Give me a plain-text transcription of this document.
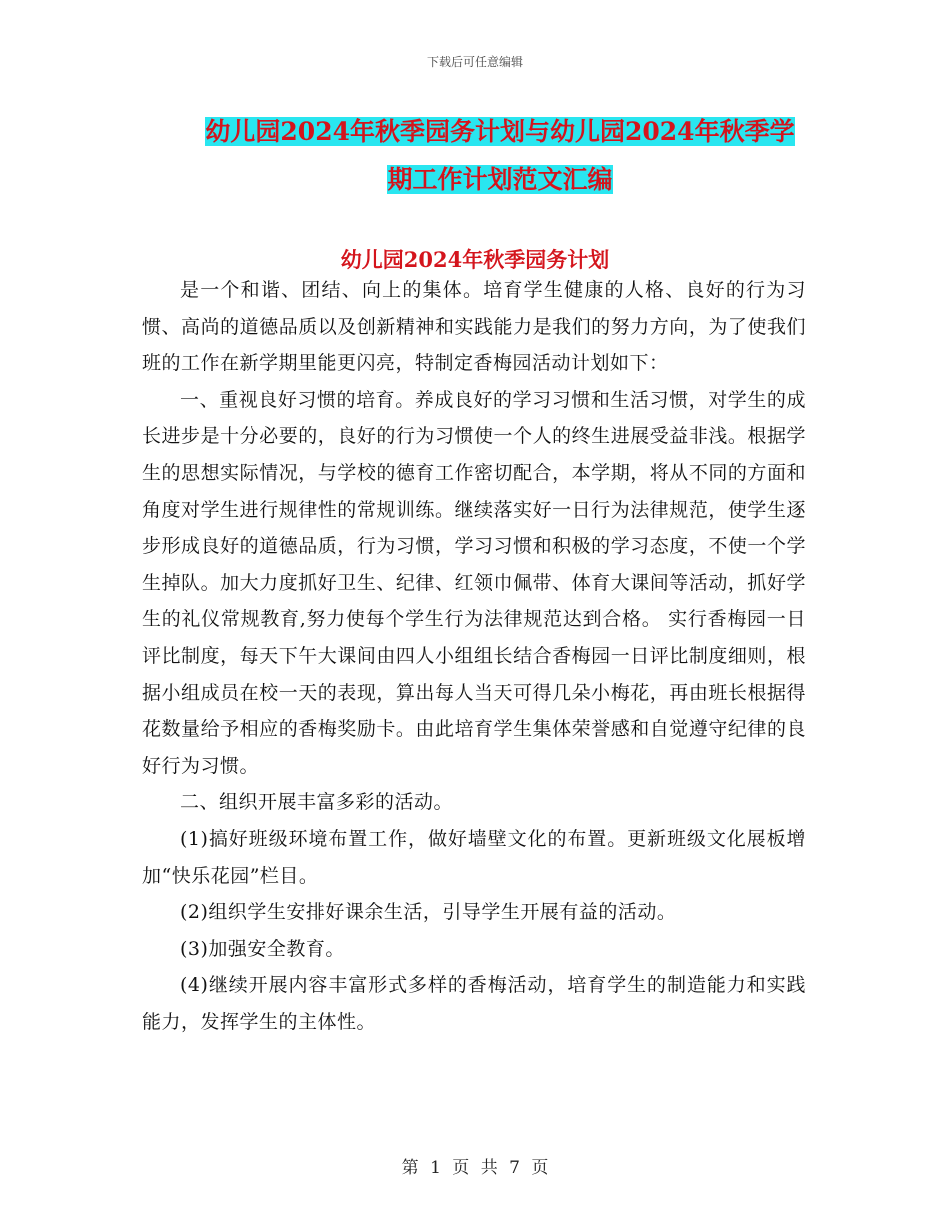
下载后可任意编辑
幼儿园2024年秋季园务计划与幼儿园2024年秋季学
期工作计划范文汇编
幼儿园2024年秋季园务计划

是一个和谐、团结、向上的集体。培育学生健康的人格、良好的行为习惯、高尚的道德品质以及创新精神和实践能力是我们的努力方向，为了使我们班的工作在新学期里能更闪亮，特制定香梅园活动计划如下：

一、重视良好习惯的培育。养成良好的学习习惯和生活习惯，对学生的成长进步是十分必要的，良好的行为习惯使一个人的终生进展受益非浅。根据学生的思想实际情况，与学校的德育工作密切配合，本学期，将从不同的方面和角度对学生进行规律性的常规训练。继续落实好一日行为法律规范，使学生逐步形成良好的道德品质，行为习惯，学习习惯和积极的学习态度，不使一个学生掉队。加大力度抓好卫生、纪律、红领巾佩带、体育大课间等活动，抓好学生的礼仪常规教育,努力使每个学生行为法律规范达到合格。 实行香梅园一日评比制度，每天下午大课间由四人小组组长结合香梅园一日评比制度细则，根据小组成员在校一天的表现，算出每人当天可得几朵小梅花，再由班长根据得花数量给予相应的香梅奖励卡。由此培育学生集体荣誉感和自觉遵守纪律的良好行为习惯。

二、组织开展丰富多彩的活动。

(1)搞好班级环境布置工作，做好墙壁文化的布置。更新班级文化展板增加“快乐花园”栏目。

(2)组织学生安排好课余生活，引导学生开展有益的活动。

(3)加强安全教育。

(4)继续开展内容丰富形式多样的香梅活动，培育学生的制造能力和实践能力，发挥学生的主体性。

第 1 页 共 7 页
